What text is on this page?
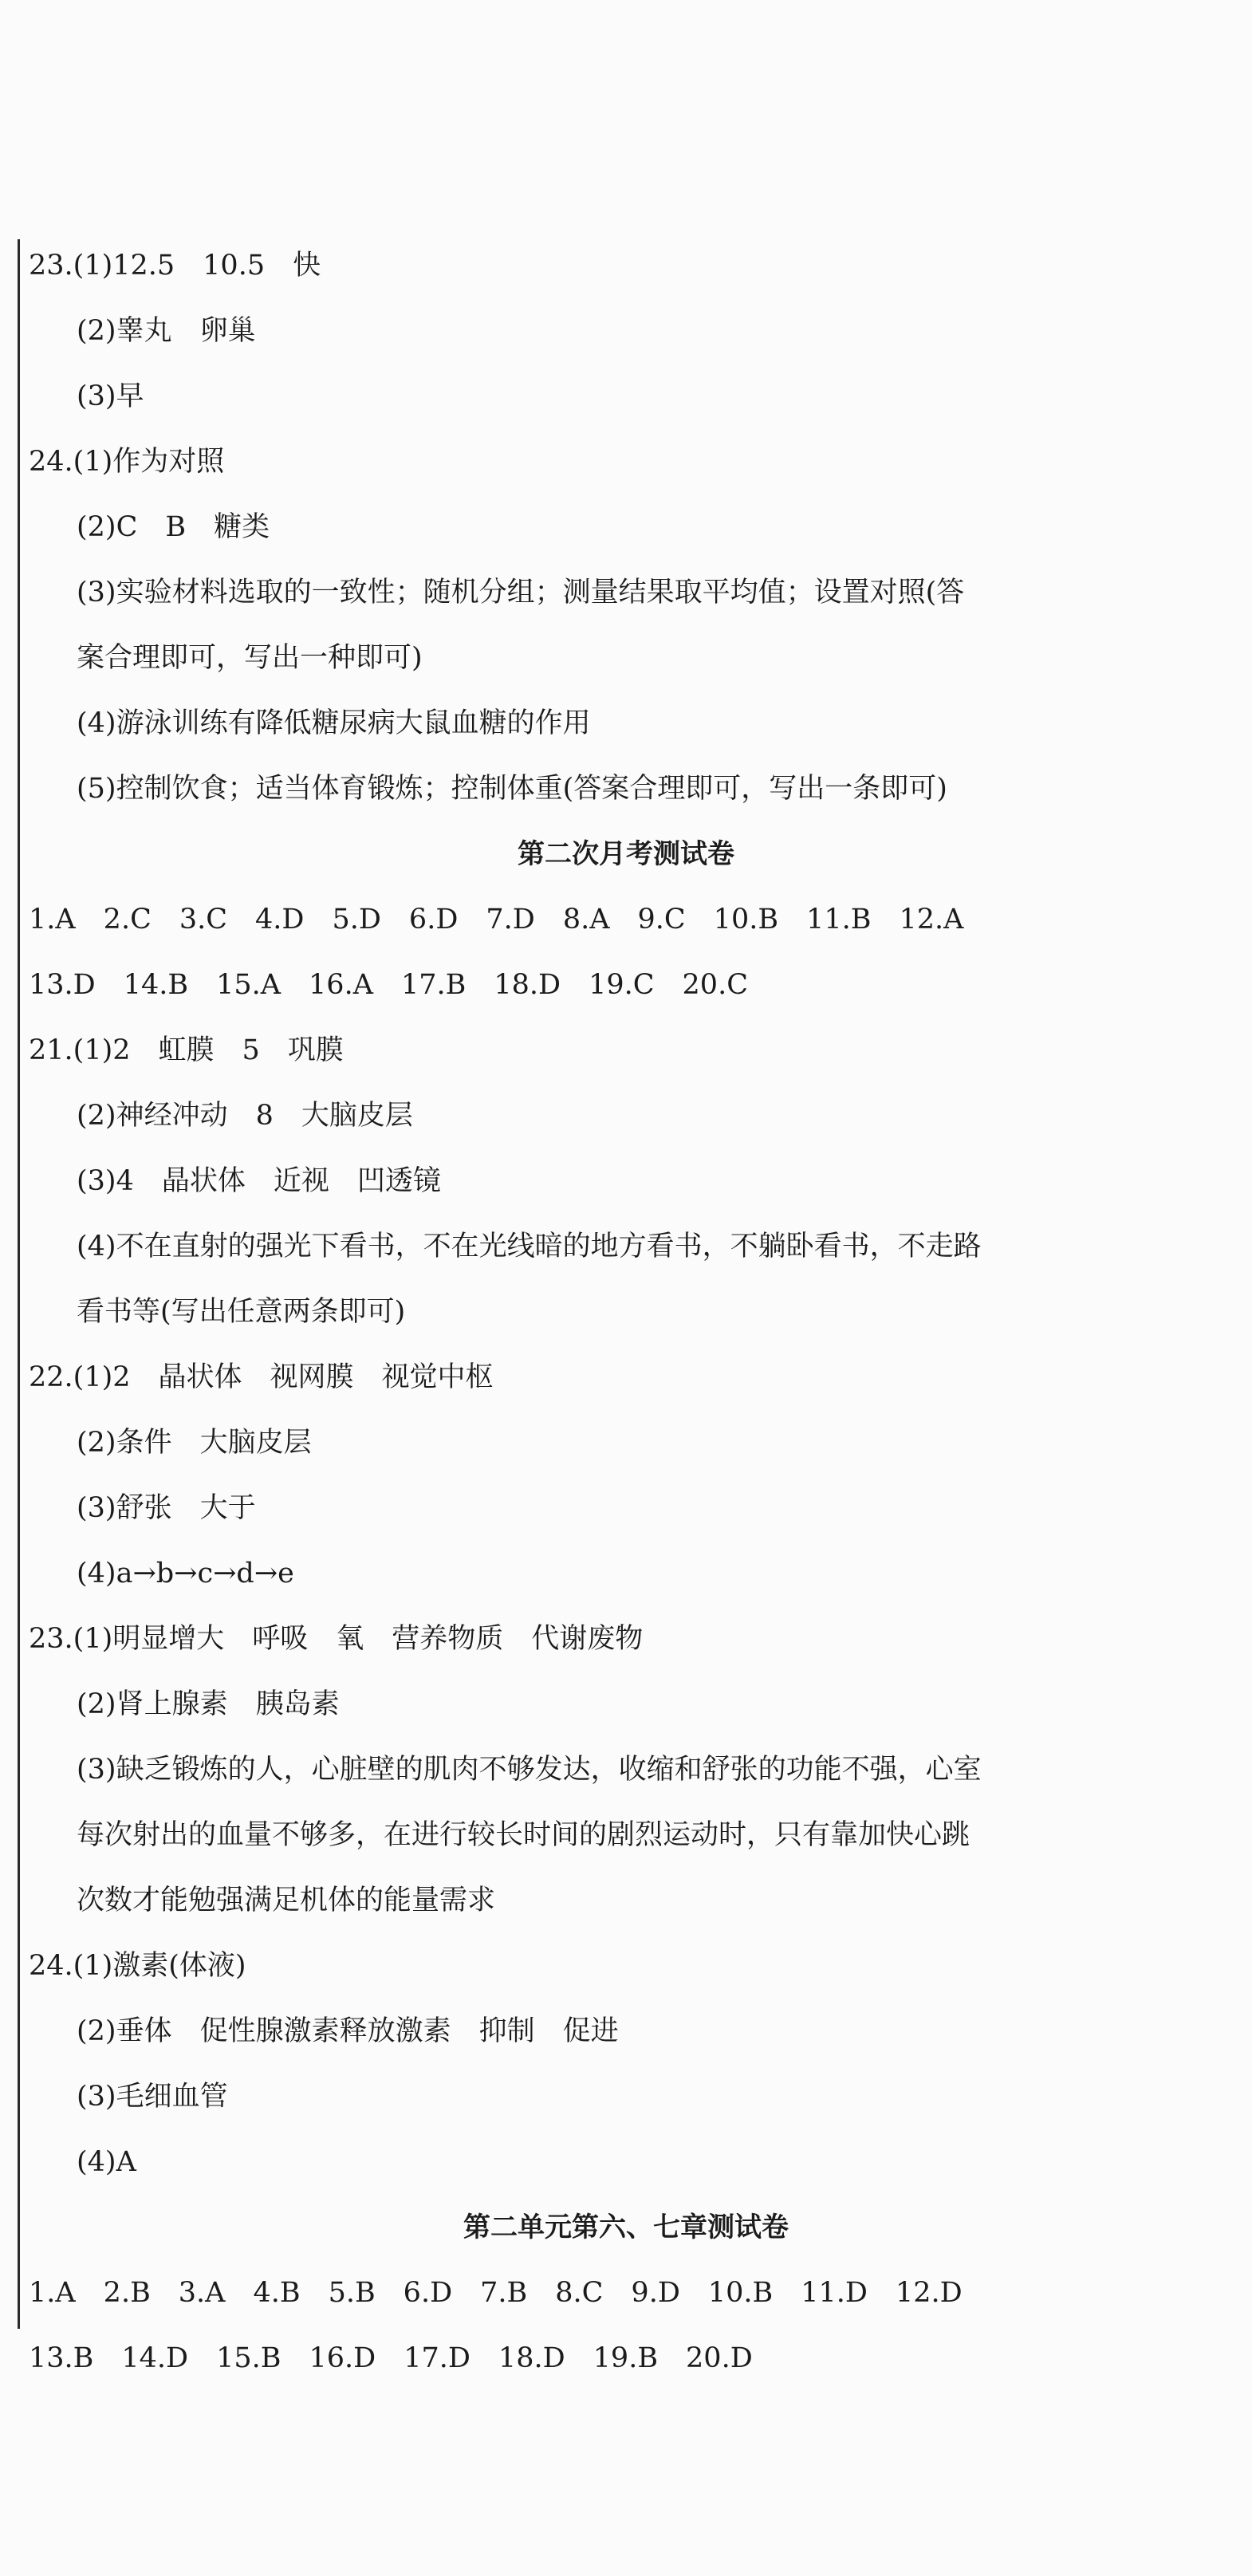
23.(1)12.5　10.5　快
(2)睾丸　卵巢
(3)早
24.(1)作为对照
(2)C　B　糖类
(3)实验材料选取的一致性；随机分组；测量结果取平均值；设置对照(答
案合理即可，写出一种即可)
(4)游泳训练有降低糖尿病大鼠血糖的作用
(5)控制饮食；适当体育锻炼；控制体重(答案合理即可，写出一条即可)
第二次月考测试卷
1.A　2.C　3.C　4.D　5.D　6.D　7.D　8.A　9.C　10.B　11.B　12.A
13.D　14.B　15.A　16.A　17.B　18.D　19.C　20.C
21.(1)2　虹膜　5　巩膜
(2)神经冲动　8　大脑皮层
(3)4　晶状体　近视　凹透镜
(4)不在直射的强光下看书，不在光线暗的地方看书，不躺卧看书，不走路
看书等(写出任意两条即可)
22.(1)2　晶状体　视网膜　视觉中枢
(2)条件　大脑皮层
(3)舒张　大于
(4)a→b→c→d→e
23.(1)明显增大　呼吸　氧　营养物质　代谢废物
(2)肾上腺素　胰岛素
(3)缺乏锻炼的人，心脏壁的肌肉不够发达，收缩和舒张的功能不强，心室
每次射出的血量不够多，在进行较长时间的剧烈运动时，只有靠加快心跳
次数才能勉强满足机体的能量需求
24.(1)激素(体液)
(2)垂体　促性腺激素释放激素　抑制　促进
(3)毛细血管
(4)A
第二单元第六、七章测试卷
1.A　2.B　3.A　4.B　5.B　6.D　7.B　8.C　9.D　10.B　11.D　12.D
13.B　14.D　15.B　16.D　17.D　18.D　19.B　20.D
